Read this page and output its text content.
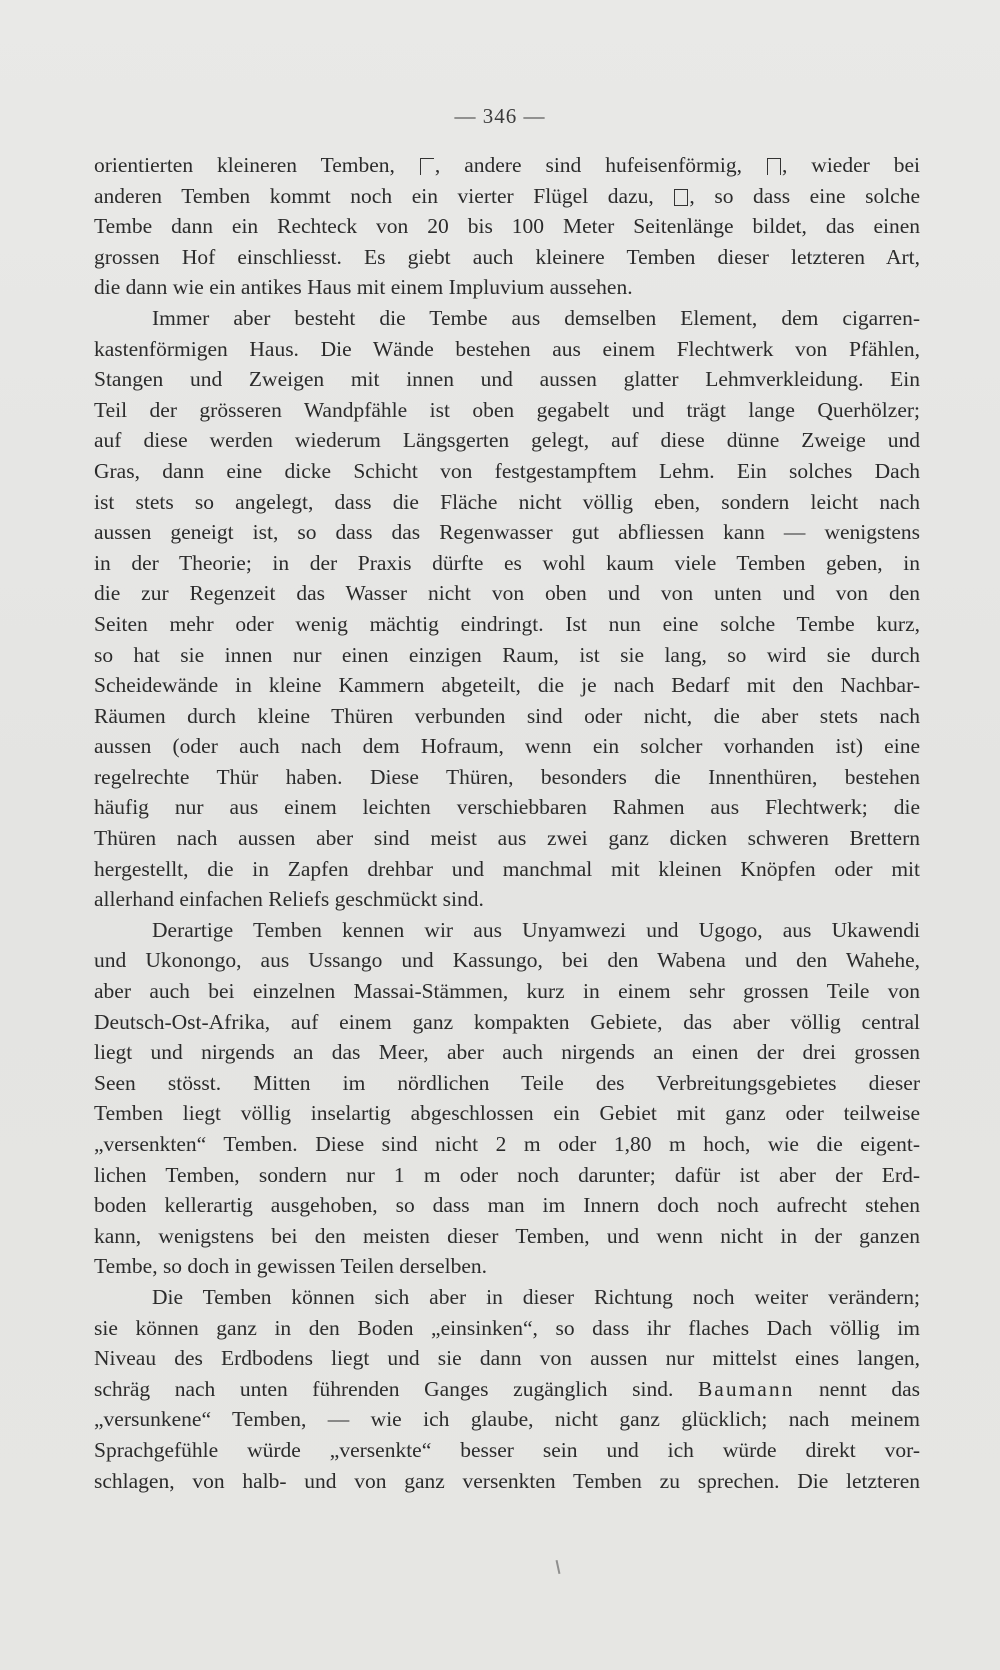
— 346 —
orientierten kleineren Temben, , andere sind hufeisenförmig, , wieder bei
anderen Temben kommt noch ein vierter Flügel dazu, , so dass eine solche
Tembe dann ein Rechteck von 20 bis 100 Meter Seitenlänge bildet, das einen
grossen Hof einschliesst. Es giebt auch kleinere Temben dieser letzteren Art,
die dann wie ein antikes Haus mit einem Impluvium aussehen.
Immer aber besteht die Tembe aus demselben Element, dem cigarren-
kastenförmigen Haus. Die Wände bestehen aus einem Flechtwerk von Pfählen,
Stangen und Zweigen mit innen und aussen glatter Lehmverkleidung. Ein
Teil der grösseren Wandpfähle ist oben gegabelt und trägt lange Querhölzer;
auf diese werden wiederum Längsgerten gelegt, auf diese dünne Zweige und
Gras, dann eine dicke Schicht von festgestampftem Lehm. Ein solches Dach
ist stets so angelegt, dass die Fläche nicht völlig eben, sondern leicht nach
aussen geneigt ist, so dass das Regenwasser gut abfliessen kann — wenigstens
in der Theorie; in der Praxis dürfte es wohl kaum viele Temben geben, in
die zur Regenzeit das Wasser nicht von oben und von unten und von den
Seiten mehr oder wenig mächtig eindringt. Ist nun eine solche Tembe kurz,
so hat sie innen nur einen einzigen Raum, ist sie lang, so wird sie durch
Scheidewände in kleine Kammern abgeteilt, die je nach Bedarf mit den Nachbar-
Räumen durch kleine Thüren verbunden sind oder nicht, die aber stets nach
aussen (oder auch nach dem Hofraum, wenn ein solcher vorhanden ist) eine
regelrechte Thür haben. Diese Thüren, besonders die Innenthüren, bestehen
häufig nur aus einem leichten verschiebbaren Rahmen aus Flechtwerk; die
Thüren nach aussen aber sind meist aus zwei ganz dicken schweren Brettern
hergestellt, die in Zapfen drehbar und manchmal mit kleinen Knöpfen oder mit
allerhand einfachen Reliefs geschmückt sind.
Derartige Temben kennen wir aus Unyamwezi und Ugogo, aus Ukawendi
und Ukonongo, aus Ussango und Kassungo, bei den Wabena und den Wahehe,
aber auch bei einzelnen Massai-Stämmen, kurz in einem sehr grossen Teile von
Deutsch-Ost-Afrika, auf einem ganz kompakten Gebiete, das aber völlig central
liegt und nirgends an das Meer, aber auch nirgends an einen der drei grossen
Seen stösst. Mitten im nördlichen Teile des Verbreitungsgebietes dieser
Temben liegt völlig inselartig abgeschlossen ein Gebiet mit ganz oder teilweise
„versenkten“ Temben. Diese sind nicht 2 m oder 1,80 m hoch, wie die eigent-
lichen Temben, sondern nur 1 m oder noch darunter; dafür ist aber der Erd-
boden kellerartig ausgehoben, so dass man im Innern doch noch aufrecht stehen
kann, wenigstens bei den meisten dieser Temben, und wenn nicht in der ganzen
Tembe, so doch in gewissen Teilen derselben.
Die Temben können sich aber in dieser Richtung noch weiter verändern;
sie können ganz in den Boden „einsinken“, so dass ihr flaches Dach völlig im
Niveau des Erdbodens liegt und sie dann von aussen nur mittelst eines langen,
schräg nach unten führenden Ganges zugänglich sind. Baumann nennt das
„versunkene“ Temben, — wie ich glaube, nicht ganz glücklich; nach meinem
Sprachgefühle würde „versenkte“ besser sein und ich würde direkt vor-
schlagen, von halb- und von ganz versenkten Temben zu sprechen. Die letzteren
